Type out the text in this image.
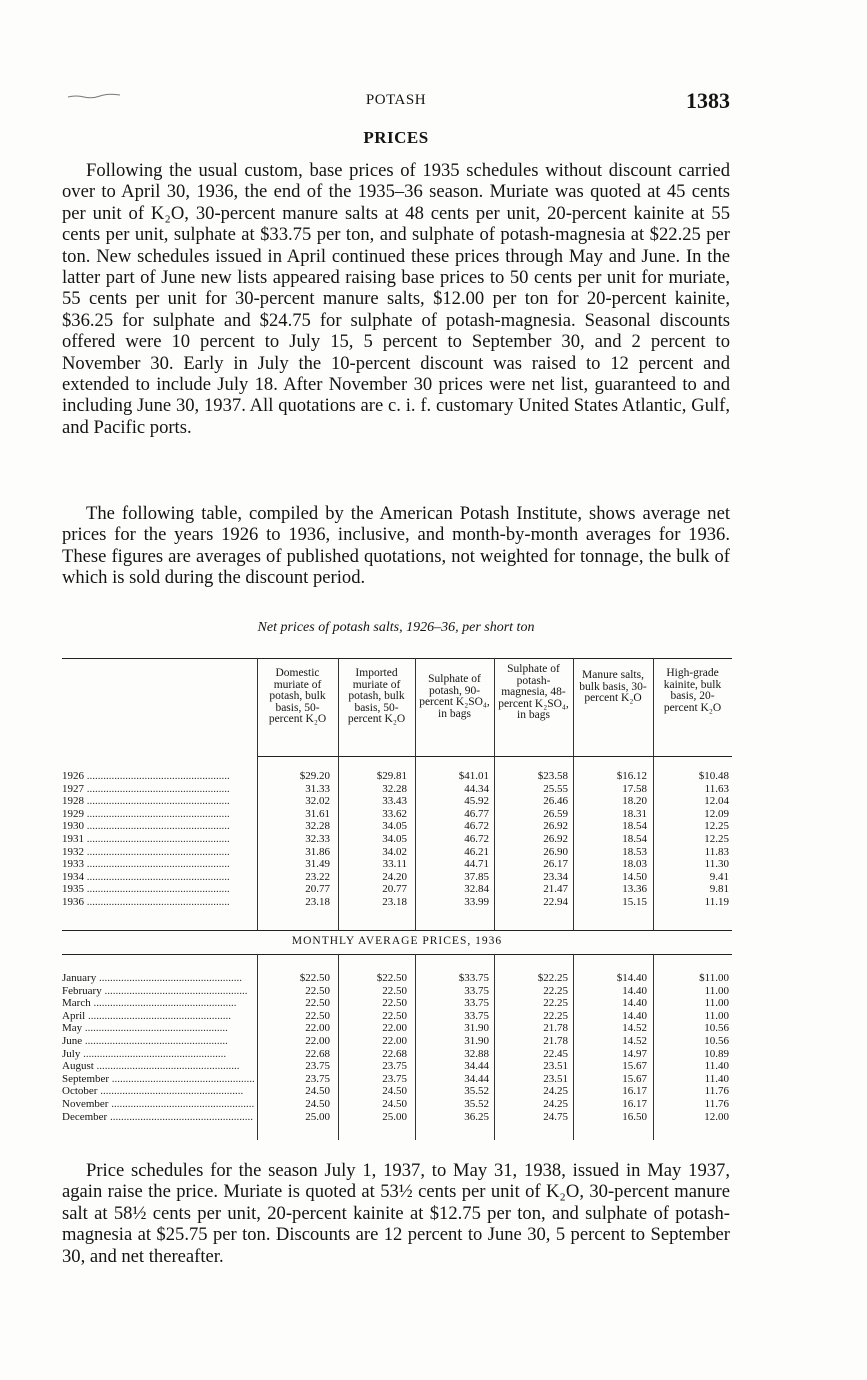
POTASH	1383
PRICES

Following the usual custom, base prices of 1935 schedules without discount carried over to April 30, 1936, the end of the 1935–36 season. Muriate was quoted at 45 cents per unit of K₂O, 30-percent manure salts at 48 cents per unit, 20-percent kainite at 55 cents per unit, sulphate at $33.75 per ton, and sulphate of potash-magnesia at $22.25 per ton. New schedules issued in April continued these prices through May and June. In the latter part of June new lists appeared raising base prices to 50 cents per unit for muriate, 55 cents per unit for 30-percent manure salts, $12.00 per ton for 20-percent kainite, $36.25 for sulphate and $24.75 for sulphate of potash-magnesia. Seasonal discounts offered were 10 percent to July 15, 5 percent to September 30, and 2 percent to November 30. Early in July the 10-percent discount was raised to 12 percent and extended to include July 18. After November 30 prices were net list, guaranteed to and including June 30, 1937. All quotations are c. i. f. customary United States Atlantic, Gulf, and Pacific ports.

The following table, compiled by the American Potash Institute, shows average net prices for the years 1926 to 1936, inclusive, and month-by-month averages for 1936. These figures are averages of published quotations, not weighted for tonnage, the bulk of which is sold during the discount period.

Net prices of potash salts, 1926–36, per short ton
MONTHLY AVERAGE PRICES, 1936
Domestic muriate of potash, bulk basis, 50-percent K₂O
Imported muriate of potash, bulk basis, 50-percent K₂O
Sulphate of potash, 90-percent K₂SO₄, in bags
Sulphate of potash-magnesia, 48-percent K₂SO₄, in bags
Manure salts, bulk basis, 30-percent K₂O
High-grade kainite, bulk basis, 20-percent K₂O
1926 ....................................................
1927 ....................................................
1928 ....................................................
1929 ....................................................
1930 ....................................................
1931 ....................................................
1932 ....................................................
1933 ....................................................
1934 ....................................................
1935 ....................................................
1936 ....................................................
$29.20
31.33
32.02
31.61
32.28
32.33
31.86
31.49
23.22
20.77
23.18
$29.81
32.28
33.43
33.62
34.05
34.05
34.02
33.11
24.20
20.77
23.18
$41.01
44.34
45.92
46.77
46.72
46.72
46.21
44.71
37.85
32.84
33.99
$23.58
25.55
26.46
26.59
26.92
26.92
26.90
26.17
23.34
21.47
22.94
$16.12
17.58
18.20
18.31
18.54
18.54
18.53
18.03
14.50
13.36
15.15
$10.48
11.63
12.04
12.09
12.25
12.25
11.83
11.30
9.41
9.81
11.19
January ....................................................
February ....................................................
March ....................................................
April ....................................................
May ....................................................
June ....................................................
July ....................................................
August ....................................................
September ....................................................
October ....................................................
November ....................................................
December ....................................................
$22.50
22.50
22.50
22.50
22.00
22.00
22.68
23.75
23.75
24.50
24.50
25.00
$22.50
22.50
22.50
22.50
22.00
22.00
22.68
23.75
23.75
24.50
24.50
25.00
$33.75
33.75
33.75
33.75
31.90
31.90
32.88
34.44
34.44
35.52
35.52
36.25
$22.25
22.25
22.25
22.25
21.78
21.78
22.45
23.51
23.51
24.25
24.25
24.75
$14.40
14.40
14.40
14.40
14.52
14.52
14.97
15.67
15.67
16.17
16.17
16.50
$11.00
11.00
11.00
11.00
10.56
10.56
10.89
11.40
11.40
11.76
11.76
12.00

Price schedules for the season July 1, 1937, to May 31, 1938, issued in May 1937, again raise the price. Muriate is quoted at 53½ cents per unit of K₂O, 30-percent manure salt at 58½ cents per unit, 20-percent kainite at $12.75 per ton, and sulphate of potash-magnesia at $25.75 per ton. Discounts are 12 percent to June 30, 5 percent to September 30, and net thereafter.
